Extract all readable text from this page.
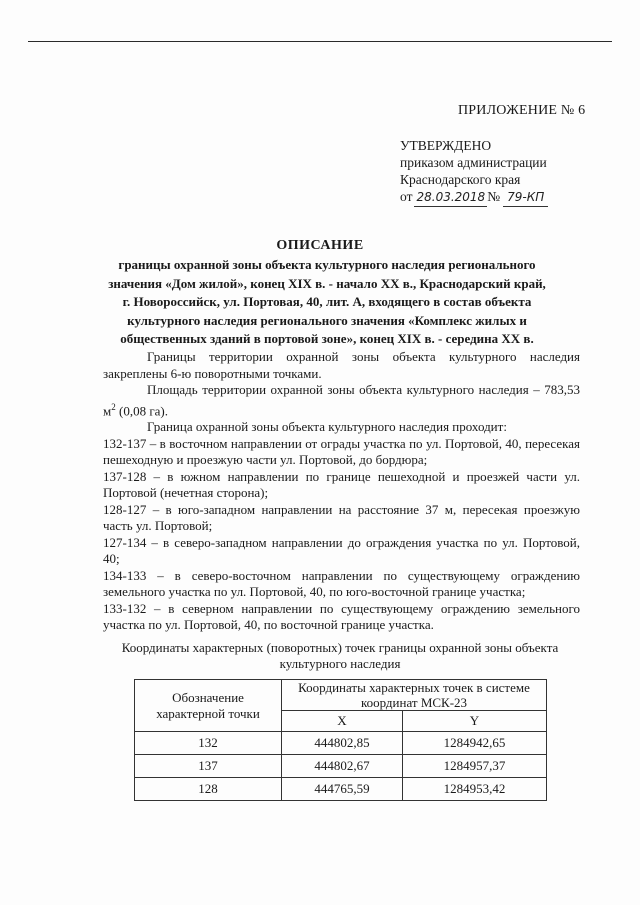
ПРИЛОЖЕНИЕ № 6
УТВЕРЖДЕНО
приказом администрации
Краснодарского края
от 28.03.2018 № 79-КП
ОПИСАНИЕ
границы охранной зоны объекта культурного наследия регионального
значения «Дом жилой», конец XIX в. - начало XX в., Краснодарский край,
г. Новороссийск, ул. Портовая, 40, лит. А, входящего в состав объекта
культурного наследия регионального значения «Комплекс жилых и
общественных зданий в портовой зоне», конец XIX в. - середина XX в.

Границы территории охранной зоны объекта культурного наследия закреплены 6-ю поворотными точками.

Площадь территории охранной зоны объекта культурного наследия – 783,53 $м^2$ (0,08 га).

Граница охранной зоны объекта культурного наследия проходит:

132-137 – в восточном направлении от ограды участка по ул. Портовой, 40, пересекая пешеходную и проезжую части ул. Портовой, до бордюра;

137-128 – в южном направлении по границе пешеходной и проезжей части ул. Портовой (нечетная сторона);

128-127 – в юго-западном направлении на расстояние 37 м, пересекая проезжую часть ул. Портовой;

127-134 – в северо-западном направлении до ограждения участка по ул. Портовой, 40;

134-133 – в северо-восточном направлении по существующему ограждению земельного участка по ул. Портовой, 40, по юго-восточной границе участка;

133-132 – в северном направлении по существующему ограждению земельного участка по ул. Портовой, 40, по восточной границе участка.

Координаты характерных (поворотных) точек границы охранной зоны объекта
культурного наследия
Обозначение характерной точки	Координаты характерных точек в системе координат МСК-23	
	X	Y
132	444802,85	1284942,65
137	444802,67	1284957,37
128	444765,59	1284953,42
